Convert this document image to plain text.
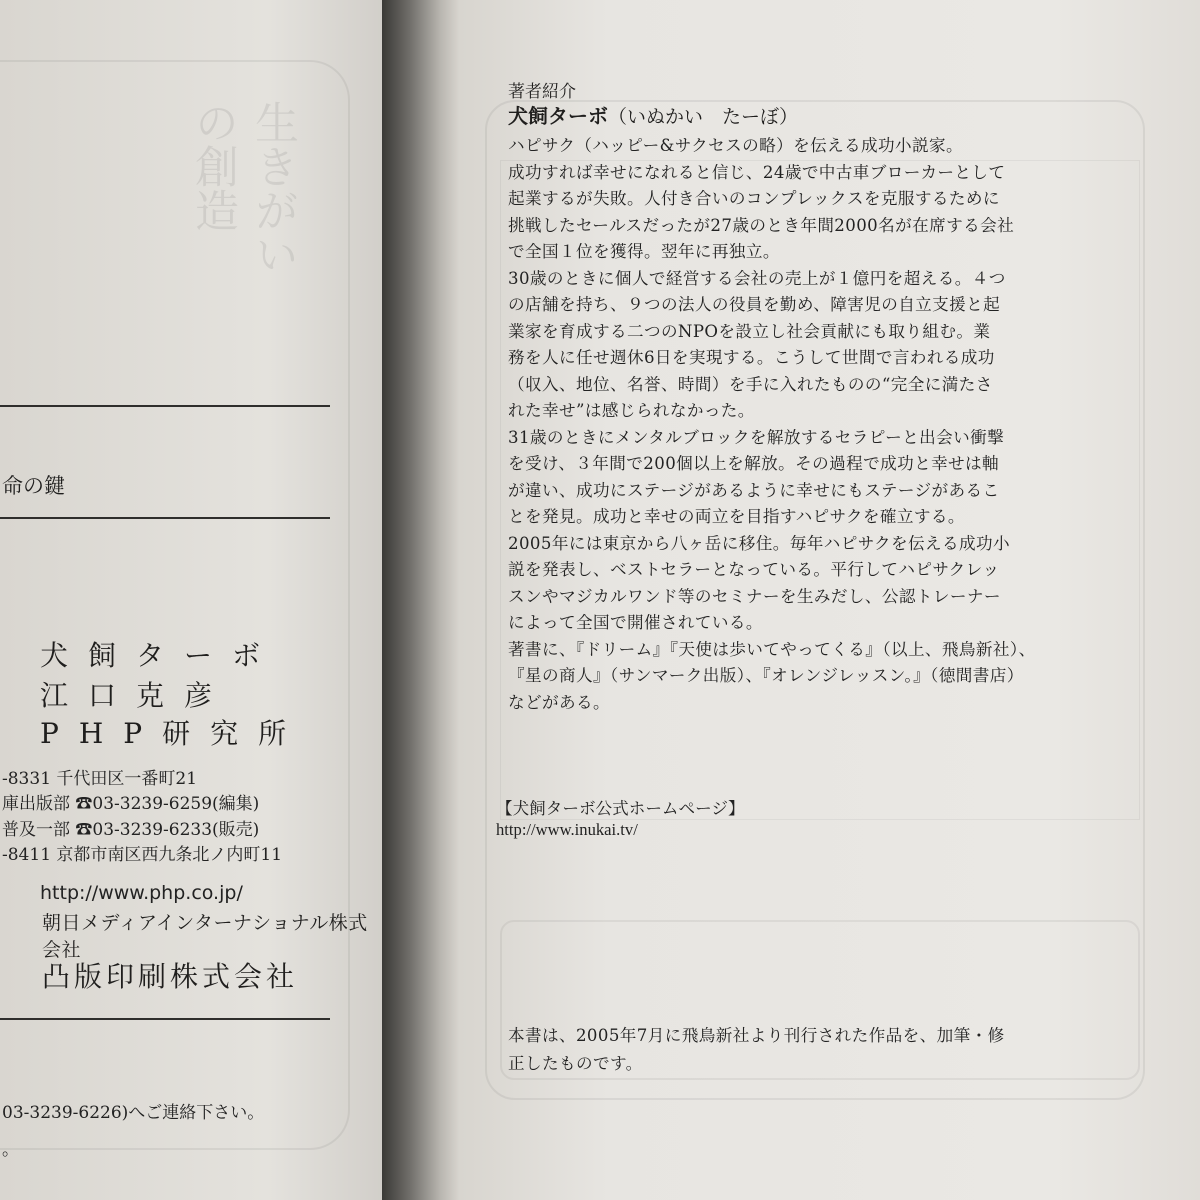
生きがい
の創造
命の鍵
犬飼ターボ
江口克彦
PHP研究所
-8331 千代田区一番町21
庫出版部 ☎03-3239-6259(編集)
普及一部 ☎03-3239-6233(販売)
-8411 京都市南区西九条北ノ内町11
http://www.php.co.jp/
朝日メディアインターナショナル株式会社
凸版印刷株式会社
03-3239-6226)へご連絡下さい。
。
著者紹介
犬飼ターボ（いぬかい　たーぼ）
ハピサク（ハッピー&サクセスの略）を伝える成功小説家。
成功すれば幸せになれると信じ、24歳で中古車ブローカーとして
起業するが失敗。人付き合いのコンプレックスを克服するために
挑戦したセールスだったが27歳のとき年間2000名が在席する会社
で全国１位を獲得。翌年に再独立。
30歳のときに個人で経営する会社の売上が１億円を超える。４つ
の店舗を持ち、９つの法人の役員を勤め、障害児の自立支援と起
業家を育成する二つのNPOを設立し社会貢献にも取り組む。業
務を人に任せ週休6日を実現する。こうして世間で言われる成功
（収入、地位、名誉、時間）を手に入れたものの“完全に満たさ
れた幸せ”は感じられなかった。
31歳のときにメンタルブロックを解放するセラピーと出会い衝撃
を受け、３年間で200個以上を解放。その過程で成功と幸せは軸
が違い、成功にステージがあるように幸せにもステージがあるこ
とを発見。成功と幸せの両立を目指すハピサクを確立する。
2005年には東京から八ヶ岳に移住。毎年ハピサクを伝える成功小
説を発表し、ベストセラーとなっている。平行してハピサクレッ
スンやマジカルワンド等のセミナーを生みだし、公認トレーナー
によって全国で開催されている。
著書に、『ドリーム』『天使は歩いてやってくる』（以上、飛鳥新社）、
『星の商人』（サンマーク出版）、『オレンジレッスン。』（徳間書店）
などがある。
【犬飼ターボ公式ホームページ】
http://www.inukai.tv/
本書は、2005年7月に飛鳥新社より刊行された作品を、加筆・修
正したものです。
